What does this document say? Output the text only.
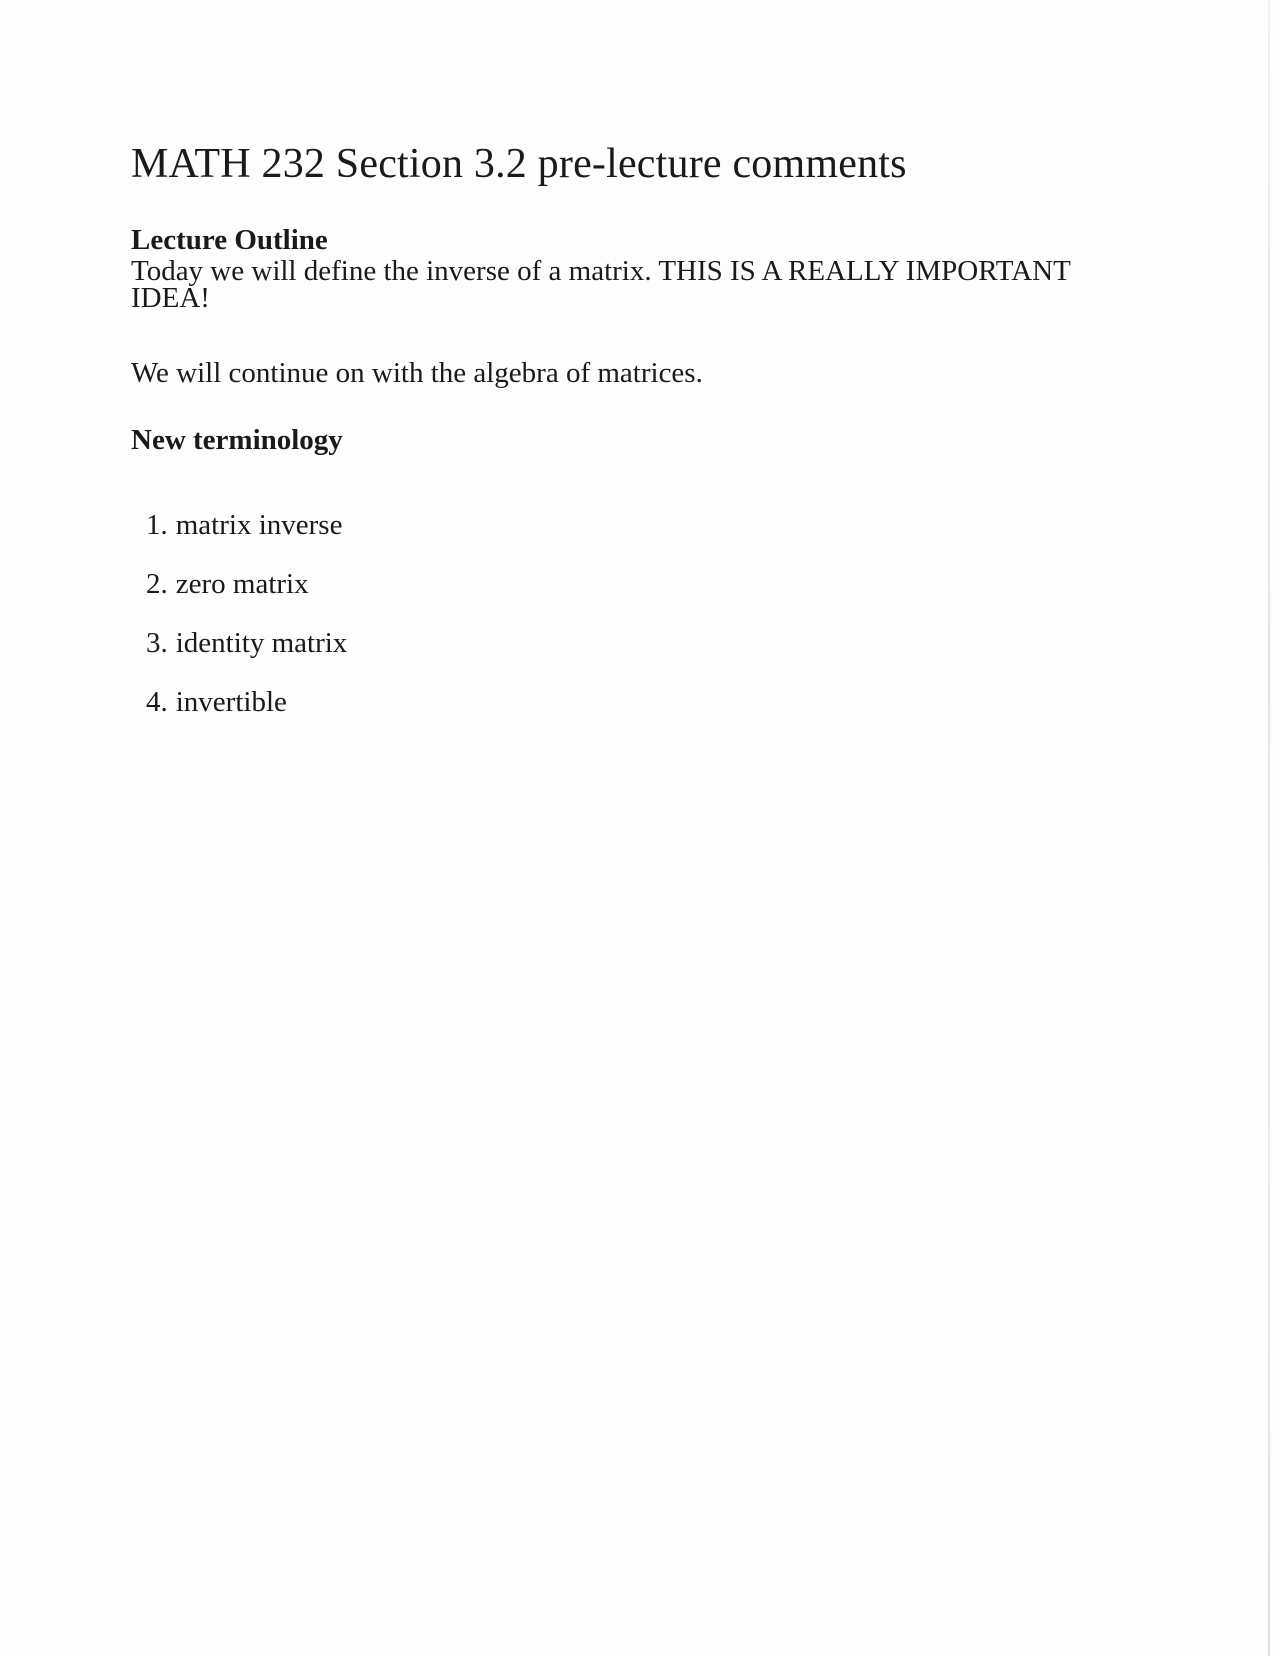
MATH 232 Section 3.2 pre-lecture comments
Lecture Outline

Today we will define the inverse of a matrix. THIS IS A REALLY IMPORTANT IDEA!

We will continue on with the algebra of matrices.

New terminology
1. matrix inverse
2. zero matrix
3. identity matrix
4. invertible
